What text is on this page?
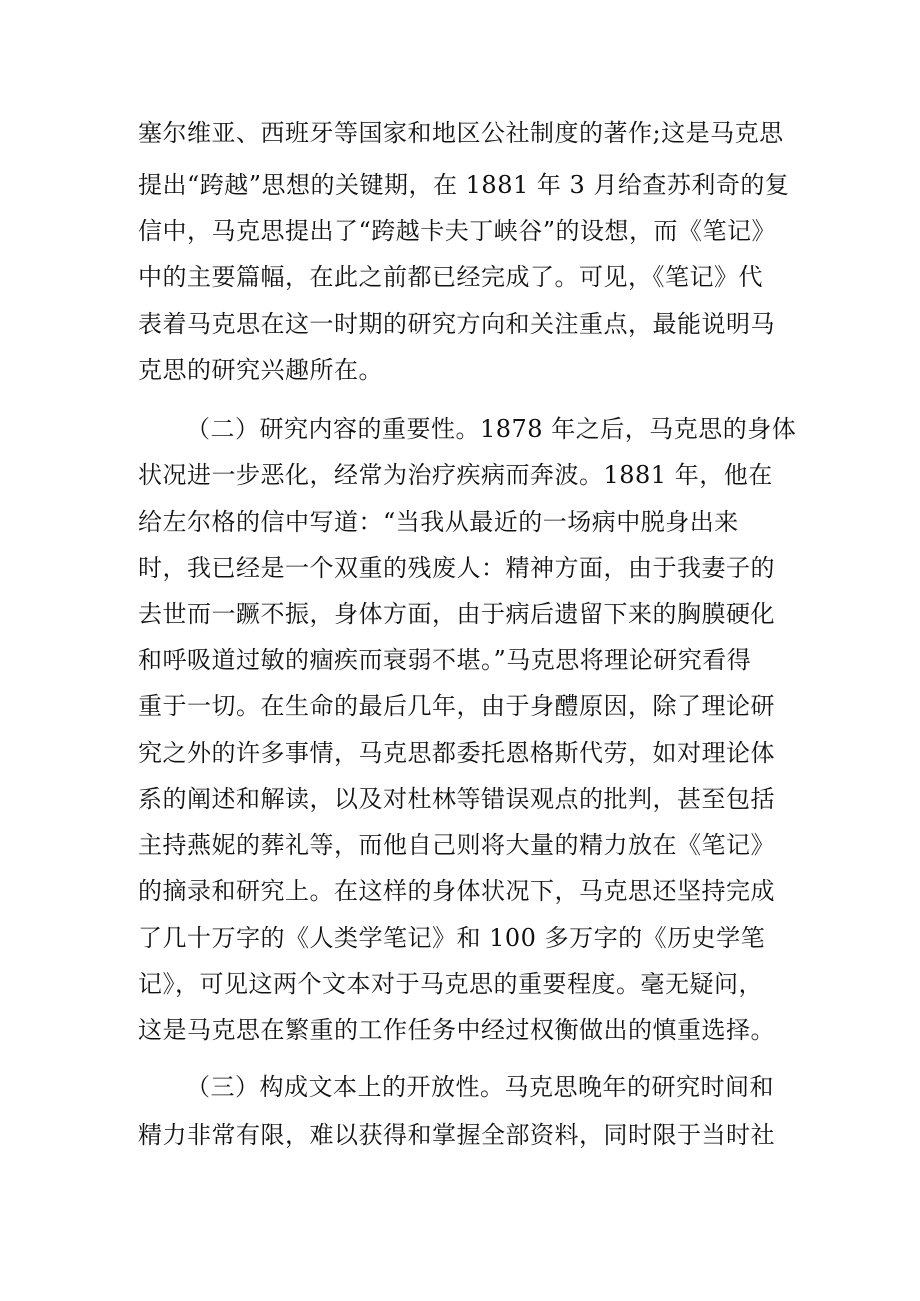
塞尔维亚、西班牙等国家和地区公社制度的著作;这是马克思
提出“跨越”思想的关键期，在 1881 年 3 月给查苏利奇的复
信中，马克思提出了“跨越卡夫丁峡谷”的设想，而《笔记》
中的主要篇幅，在此之前都已经完成了。可见，《笔记》代
表着马克思在这一时期的研究方向和关注重点，最能说明马
克思的研究兴趣所在。
（二）研究内容的重要性。1878 年之后，马克思的身体
状况进一步恶化，经常为治疗疾病而奔波。1881 年，他在
给左尔格的信中写道：“当我从最近的一场病中脱身出来
时，我已经是一个双重的残废人：精神方面，由于我妻子的
去世而一蹶不振，身体方面，由于病后遗留下来的胸膜硬化
和呼吸道过敏的痼疾而衰弱不堪。”马克思将理论研究看得
重于一切。在生命的最后几年，由于身醴原因，除了理论研
究之外的许多事情，马克思都委托恩格斯代劳，如对理论体
系的阐述和解读，以及对杜林等错误观点的批判，甚至包括
主持燕妮的葬礼等，而他自己则将大量的精力放在《笔记》
的摘录和研究上。在这样的身体状况下，马克思还坚持完成
了几十万字的《人类学笔记》和 100 多万字的《历史学笔
记》，可见这两个文本对于马克思的重要程度。毫无疑问，
这是马克思在繁重的工作任务中经过权衡做出的慎重选择。
（三）构成文本上的开放性。马克思晚年的研究时间和
精力非常有限，难以获得和掌握全部资料，同时限于当时社
